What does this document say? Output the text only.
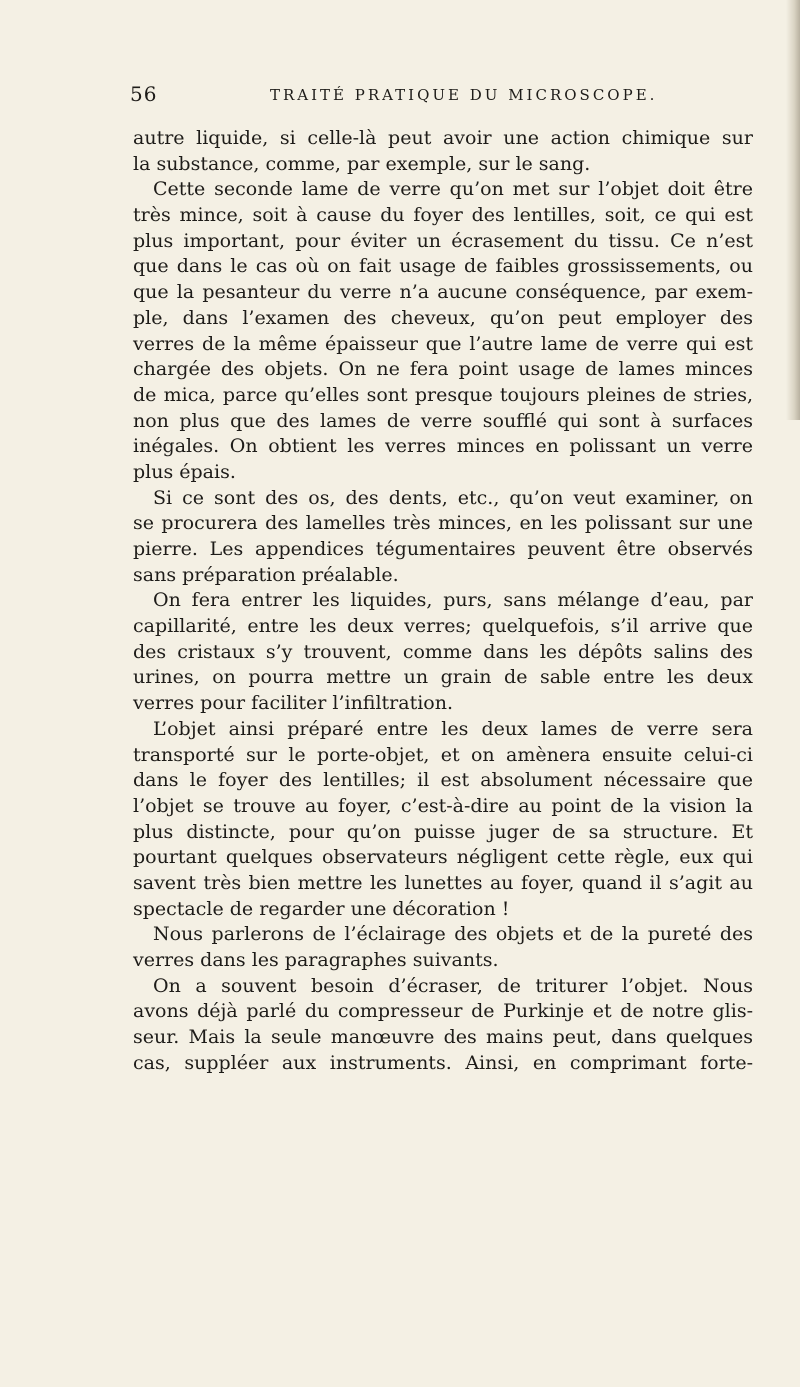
56	TRAITÉ PRATIQUE DU MICROSCOPE.
autre liquide, si celle-là peut avoir une action chimique sur
la substance, comme, par exemple, sur le sang.
Cette seconde lame de verre qu’on met sur l’objet doit être
très mince, soit à cause du foyer des lentilles, soit, ce qui est
plus important, pour éviter un écrasement du tissu. Ce n’est
que dans le cas où on fait usage de faibles grossissements, ou
que la pesanteur du verre n’a aucune conséquence, par exem-
ple, dans l’examen des cheveux, qu’on peut employer des
verres de la même épaisseur que l’autre lame de verre qui est
chargée des objets. On ne fera point usage de lames minces
de mica, parce qu’elles sont presque toujours pleines de stries,
non plus que des lames de verre soufflé qui sont à surfaces
inégales. On obtient les verres minces en polissant un verre
plus épais.
Si ce sont des os, des dents, etc., qu’on veut examiner, on
se procurera des lamelles très minces, en les polissant sur une
pierre. Les appendices tégumentaires peuvent être observés
sans préparation préalable.
On fera entrer les liquides, purs, sans mélange d’eau, par
capillarité, entre les deux verres; quelquefois, s’il arrive que
des cristaux s’y trouvent, comme dans les dépôts salins des
urines, on pourra mettre un grain de sable entre les deux
verres pour faciliter l’infiltration.
L’objet ainsi préparé entre les deux lames de verre sera
transporté sur le porte-objet, et on amènera ensuite celui-ci
dans le foyer des lentilles; il est absolument nécessaire que
l’objet se trouve au foyer, c’est-à-dire au point de la vision la
plus distincte, pour qu’on puisse juger de sa structure. Et
pourtant quelques observateurs négligent cette règle, eux qui
savent très bien mettre les lunettes au foyer, quand il s’agit au
spectacle de regarder une décoration !
Nous parlerons de l’éclairage des objets et de la pureté des
verres dans les paragraphes suivants.
On a souvent besoin d’écraser, de triturer l’objet. Nous
avons déjà parlé du compresseur de Purkinje et de notre glis-
seur. Mais la seule manœuvre des mains peut, dans quelques
cas, suppléer aux instruments. Ainsi, en comprimant forte-
